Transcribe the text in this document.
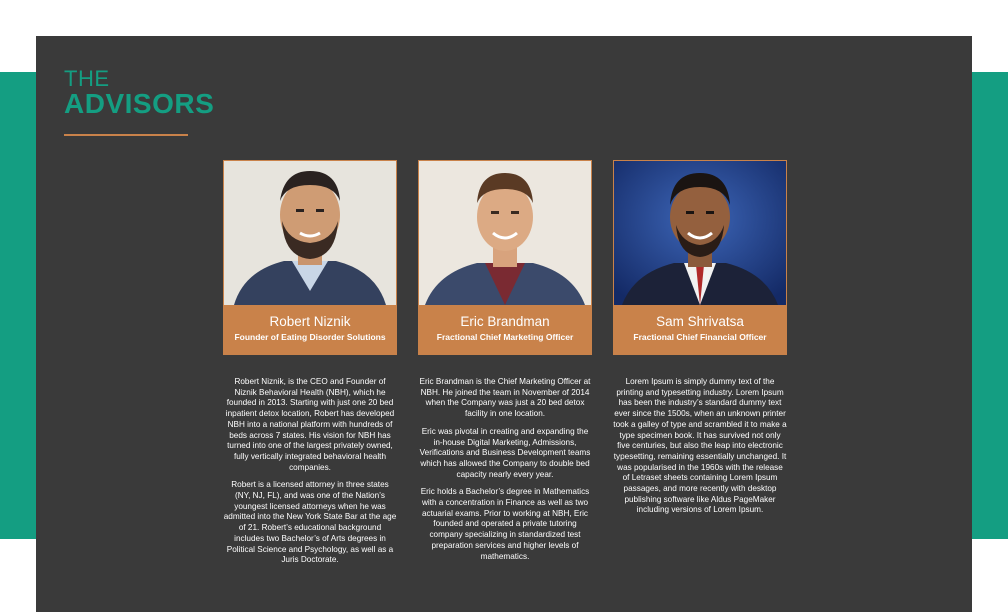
THE
ADVISORS
Robert Niznik
Founder of Eating Disorder Solutions

Robert Niznik, is the CEO and Founder of Niznik Behavioral Health (NBH), which he founded in 2013. Starting with just one 20 bed inpatient detox location, Robert has developed NBH into a national platform with hundreds of beds across 7 states. His vision for NBH has turned into one of the largest privately owned, fully vertically integrated behavioral health companies.

Robert is a licensed attorney in three states (NY, NJ, FL), and was one of the Nation’s youngest licensed attorneys when he was admitted into the New York State Bar at the age of 21. Robert’s educational background includes two Bachelor’s of Arts degrees in Political Science and Psychology, as well as a Juris Doctorate.

Eric Brandman
Fractional Chief Marketing Officer

Eric Brandman is the Chief Marketing Officer at NBH. He joined the team in November of 2014 when the Company was just a 20 bed detox facility in one location.

Eric was pivotal in creating and expanding the in-house Digital Marketing, Admissions, Verifications and Business Development teams which has allowed the Company to double bed capacity nearly every year.

Eric holds a Bachelor’s degree in Mathematics with a concentration in Finance as well as two actuarial exams. Prior to working at NBH, Eric founded and operated a private tutoring company specializing in standardized test preparation services and higher levels of mathematics.

Sam Shrivatsa
Fractional Chief Financial Officer

Lorem Ipsum is simply dummy text of the printing and typesetting industry. Lorem Ipsum has been the industry’s standard dummy text ever since the 1500s, when an unknown printer took a galley of type and scrambled it to make a type specimen book. It has survived not only five centuries, but also the leap into electronic typesetting, remaining essentially unchanged. It was popularised in the 1960s with the release of Letraset sheets containing Lorem Ipsum passages, and more recently with desktop publishing software like Aldus PageMaker including versions of Lorem Ipsum.
